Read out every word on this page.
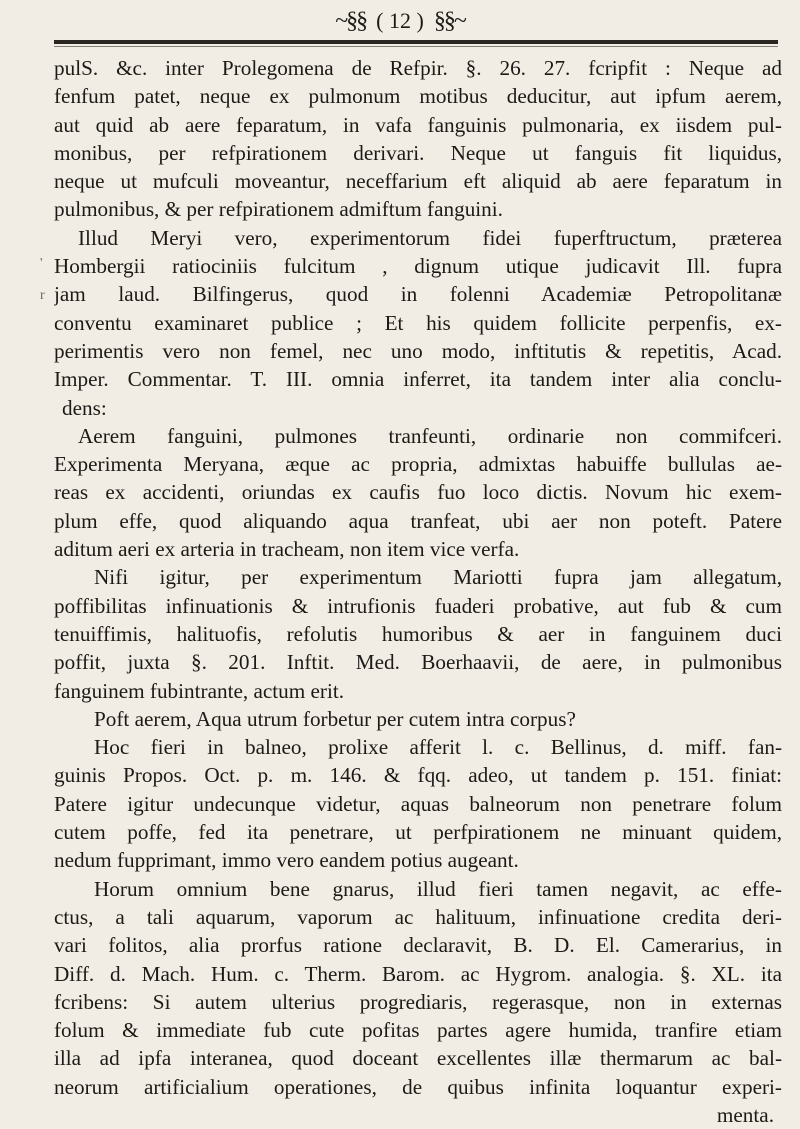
~§§ ( 12 ) §§~
'
r
pulS. &c. inter Prolegomena de Refpir. §. 26. 27. fcripfit : Neque ad
fenfum patet, neque ex pulmonum motibus deducitur, aut ipfum aerem,
aut quid ab aere feparatum, in vafa fanguinis pulmonaria, ex iisdem pul-
monibus, per refpirationem derivari. Neque ut fanguis fit liquidus,
neque ut mufculi moveantur, neceffarium eft aliquid ab aere feparatum in
pulmonibus, & per refpirationem admiftum fanguini.
Illud Meryi vero, experimentorum fidei fuperftructum, præterea
Hombergii ratiociniis fulcitum , dignum utique judicavit Ill. fupra
jam laud. Bilfingerus, quod in folenni Academiæ Petropolitanæ
conventu examinaret publice ; Et his quidem follicite perpenfis, ex-
perimentis vero non femel, nec uno modo, inftitutis & repetitis, Acad.
Imper. Commentar. T. III. omnia inferret, ita tandem inter alia conclu-
dens:
Aerem fanguini, pulmones tranfeunti, ordinarie non commifceri.
Experimenta Meryana, æque ac propria, admixtas habuiffe bullulas ae-
reas ex accidenti, oriundas ex caufis fuo loco dictis. Novum hic exem-
plum effe, quod aliquando aqua tranfeat, ubi aer non poteft. Patere
aditum aeri ex arteria in tracheam, non item vice verfa.
Nifi igitur, per experimentum Mariotti fupra jam allegatum,
poffibilitas infinuationis & intrufionis fuaderi probative, aut fub & cum
tenuiffimis, halituofis, refolutis humoribus & aer in fanguinem duci
poffit, juxta §. 201. Inftit. Med. Boerhaavii, de aere, in pulmonibus
fanguinem fubintrante, actum erit.
Poft aerem, Aqua utrum forbetur per cutem intra corpus?
Hoc fieri in balneo, prolixe afferit l. c. Bellinus, d. miff. fan-
guinis Propos. Oct. p. m. 146. & fqq. adeo, ut tandem p. 151. finiat:
Patere igitur undecunque videtur, aquas balneorum non penetrare folum
cutem poffe, fed ita penetrare, ut perfpirationem ne minuant quidem,
nedum fupprimant, immo vero eandem potius augeant.
Horum omnium bene gnarus, illud fieri tamen negavit, ac effe-
ctus, a tali aquarum, vaporum ac halituum, infinuatione credita deri-
vari folitos, alia prorfus ratione declaravit, B. D. El. Camerarius, in
Diff. d. Mach. Hum. c. Therm. Barom. ac Hygrom. analogia. §. XL. ita
fcribens: Si autem ulterius progrediaris, regerasque, non in externas
folum & immediate fub cute pofitas partes agere humida, tranfire etiam
illa ad ipfa interanea, quod doceant excellentes illæ thermarum ac bal-
neorum artificialium operationes, de quibus infinita loquantur experi-
menta.
